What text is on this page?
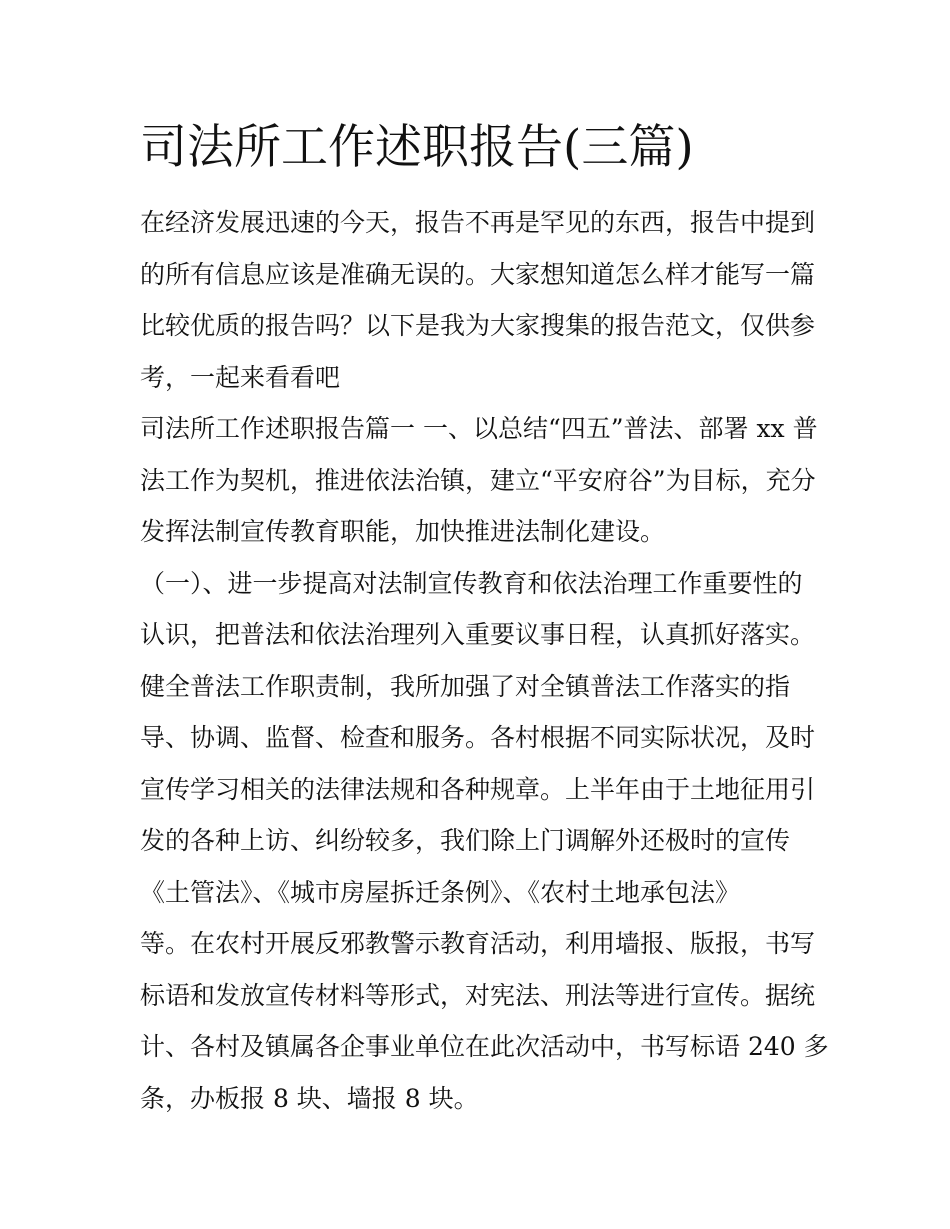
司法所工作述职报告(三篇)
在经济发展迅速的今天，报告不再是罕见的东西，报告中提到
的所有信息应该是准确无误的。大家想知道怎么样才能写一篇
比较优质的报告吗？以下是我为大家搜集的报告范文，仅供参
考，一起来看看吧
司法所工作述职报告篇一 一、以总结“四五”普法、部署 xx 普
法工作为契机，推进依法治镇，建立“平安府谷”为目标，充分
发挥法制宣传教育职能，加快推进法制化建设。
（一）、进一步提高对法制宣传教育和依法治理工作重要性的
认识，把普法和依法治理列入重要议事日程，认真抓好落实。
健全普法工作职责制，我所加强了对全镇普法工作落实的指
导、协调、监督、检查和服务。各村根据不同实际状况，及时
宣传学习相关的法律法规和各种规章。上半年由于土地征用引
发的各种上访、纠纷较多，我们除上门调解外还极时的宣传
《土管法》、《城市房屋拆迁条例》、《农村土地承包法》
等。在农村开展反邪教警示教育活动，利用墙报、版报，书写
标语和发放宣传材料等形式，对宪法、刑法等进行宣传。据统
计、各村及镇属各企事业单位在此次活动中，书写标语 240 多
条，办板报 8 块、墙报 8 块。
